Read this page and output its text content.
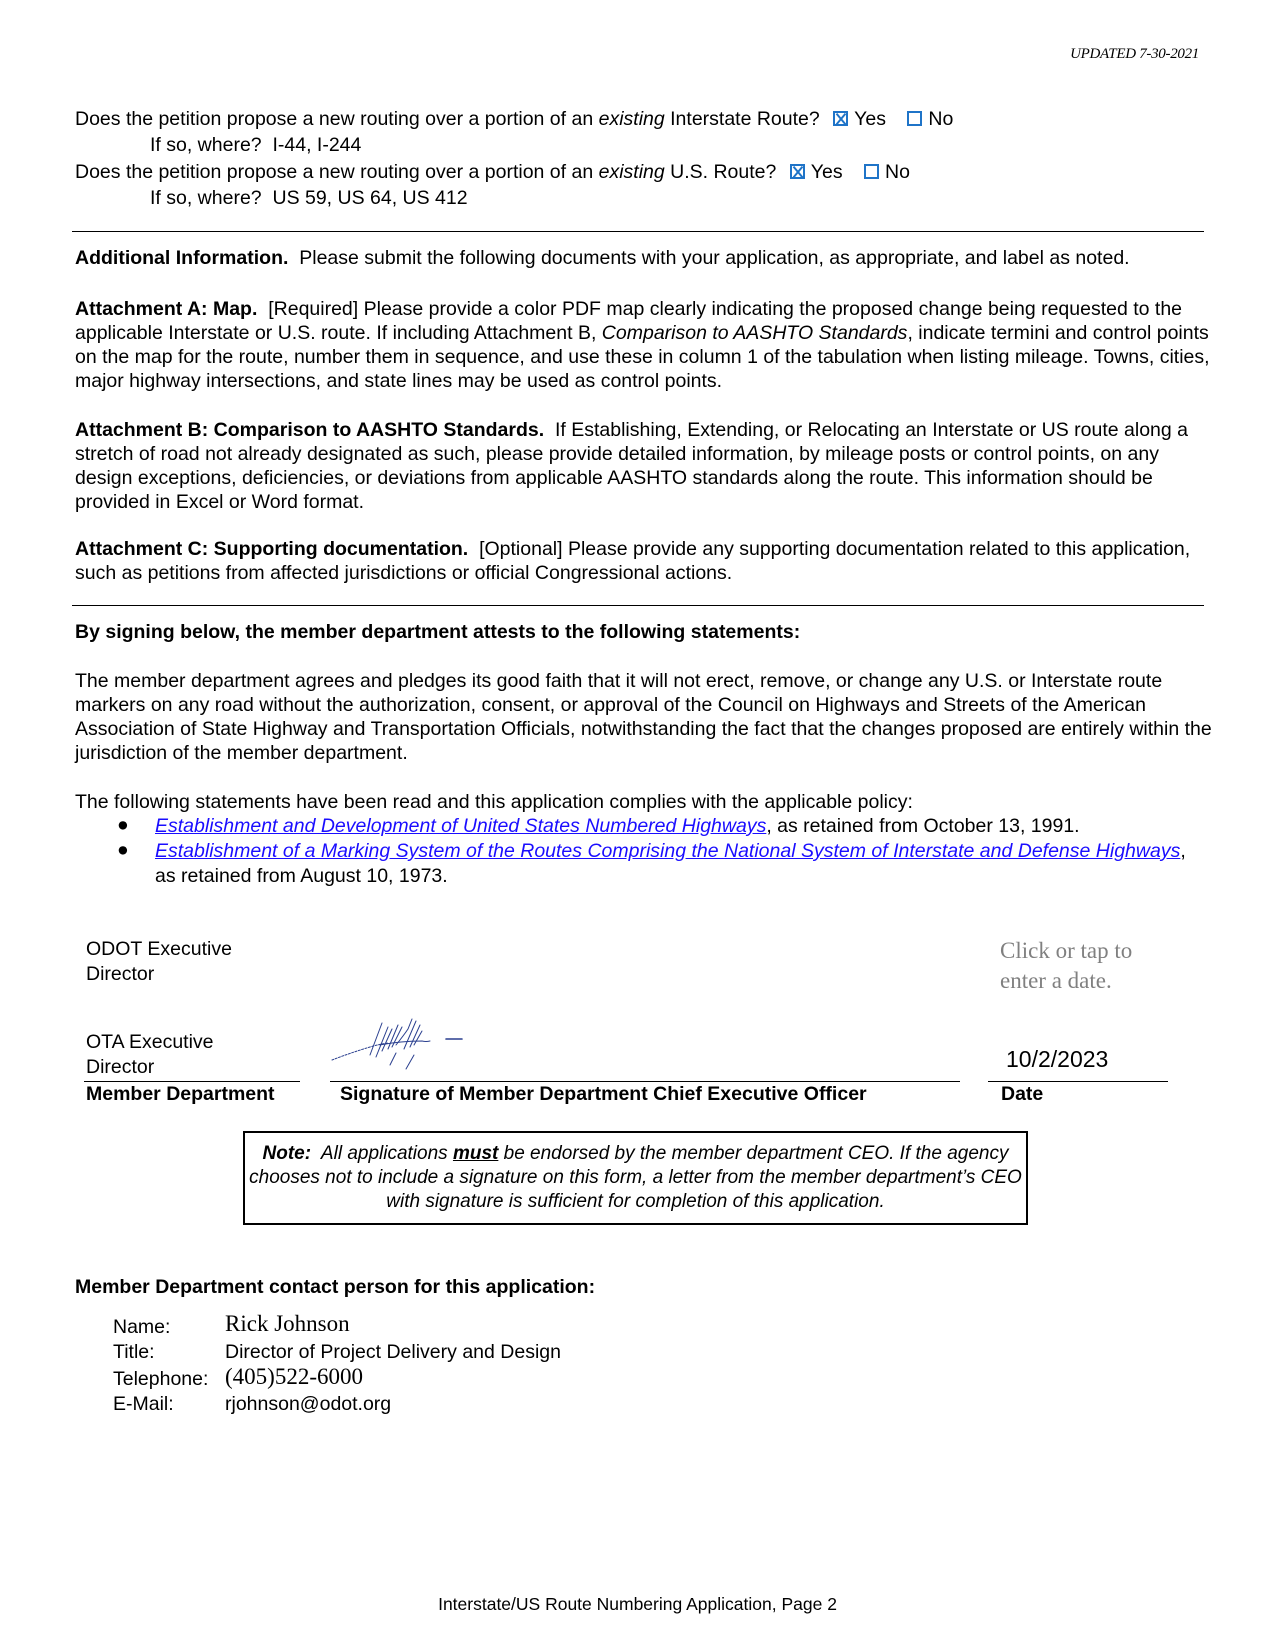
UPDATED 7-30-2021
Does the petition propose a new routing over a portion of an existing Interstate Route? Yes No
If so, where? I-44, I-244
Does the petition propose a new routing over a portion of an existing U.S. Route? Yes No
If so, where? US 59, US 64, US 412
Additional Information. Please submit the following documents with your application, as appropriate, and label as noted.
Attachment A: Map. [Required] Please provide a color PDF map clearly indicating the proposed change being requested to the applicable Interstate or U.S. route. If including Attachment B, Comparison to AASHTO Standards, indicate termini and control points on the map for the route, number them in sequence, and use these in column 1 of the tabulation when listing mileage. Towns, cities, major highway intersections, and state lines may be used as control points.
Attachment B: Comparison to AASHTO Standards. If Establishing, Extending, or Relocating an Interstate or US route along a stretch of road not already designated as such, please provide detailed information, by mileage posts or control points, on any design exceptions, deficiencies, or deviations from applicable AASHTO standards along the route. This information should be provided in Excel or Word format.
Attachment C: Supporting documentation. [Optional] Please provide any supporting documentation related to this application, such as petitions from affected jurisdictions or official Congressional actions.
By signing below, the member department attests to the following statements:
The member department agrees and pledges its good faith that it will not erect, remove, or change any U.S. or Interstate route markers on any road without the authorization, consent, or approval of the Council on Highways and Streets of the American Association of State Highway and Transportation Officials, notwithstanding the fact that the changes proposed are entirely within the jurisdiction of the member department.
The following statements have been read and this application complies with the applicable policy:
● Establishment and Development of United States Numbered Highways, as retained from October 13, 1991.
● Establishment of a Marking System of the Routes Comprising the National System of Interstate and Defense Highways, as retained from August 10, 1973.
ODOT Executive Director
Click or tap to enter a date.
OTA Executive Director	10/2/2023
Member Department	Signature of Member Department Chief Executive Officer	Date
Note: All applications must be endorsed by the member department CEO. If the agency chooses not to include a signature on this form, a letter from the member department’s CEO with signature is sufficient for completion of this application.
Member Department contact person for this application:
Name: Rick Johnson
Title:	Director of Project Delivery and Design
Telephone: (405)522-6000
E-Mail:	rjohnson@odot.org
Interstate/US Route Numbering Application, Page 2
